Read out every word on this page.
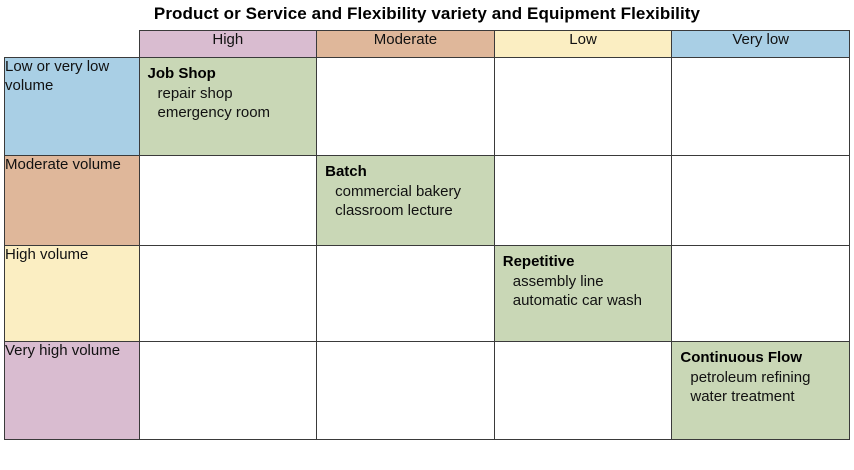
Product or Service and Flexibility variety and Equipment Flexibility
	High	Moderate	Low	Very low
Low or very low volume	Job Shop
repair shop
emergency room			

Moderate volume		Batch
commercial bakery
classroom lecture		

High volume			Repetitive
assembly line
automatic car wash	

Very high volume				Continuous Flow
petroleum refining
water treatment
